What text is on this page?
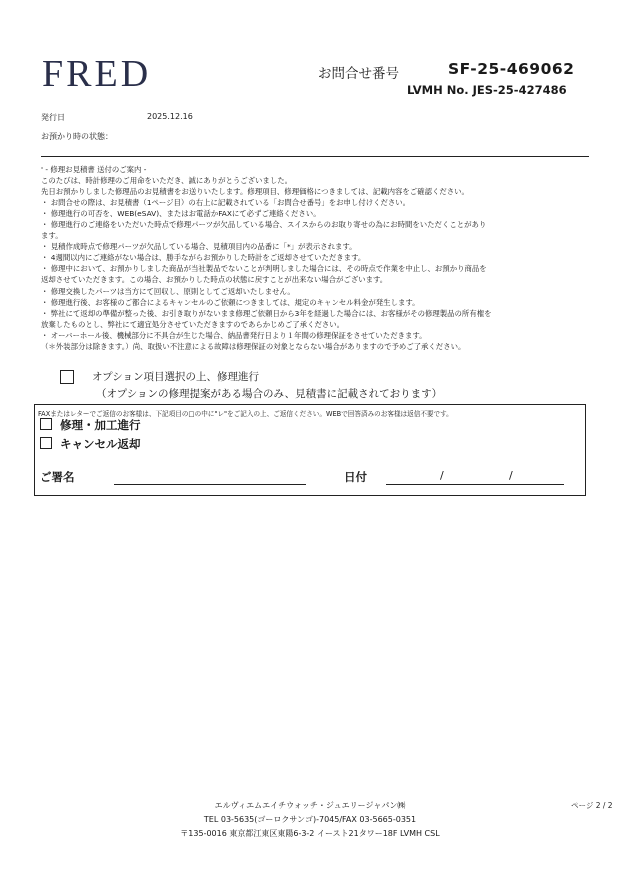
FRED	お問合せ番号	SF-25-469062
LVMH No. JES-25-427486
発行日	2025.12.16
お預かり時の状態：
' - 修理お見積書 送付のご案内 -
このたびは、時計修理のご用命をいただき、誠にありがとうございました。
先日お預かりしました修理品のお見積書をお送りいたします。修理項目、修理価格につきましては、記載内容をご確認ください。
・ お問合せの際は、お見積書（1ページ目）の右上に記載されている「お問合せ番号」をお申し付けください。
・ 修理進行の可否を、WEB(eSAV)、またはお電話かFAXにて必ずご連絡ください。
・ 修理進行のご連絡をいただいた時点で修理パーツが欠品している場合、スイスからのお取り寄せの為にお時間をいただくことがあり
ます。
・ 見積作成時点で修理パーツが欠品している場合、見積項目内の品番に「*」が表示されます。
・ 4週間以内にご連絡がない場合は、勝手ながらお預かりした時計をご返却させていただきます。
・ 修理中において、お預かりしました商品が当社製品でないことが判明しました場合には、その時点で作業を中止し、お預かり商品を
返却させていただきます。この場合、お預かりした時点の状態に戻すことが出来ない場合がございます。
・ 修理交換したパーツは当方にて回収し、原則としてご返却いたしません。
・ 修理進行後、お客様のご都合によるキャンセルのご依頼につきましては、規定のキャンセル料金が発生します。
・ 弊社にて返却の準備が整った後、お引き取りがないまま修理ご依頼日から3年を経過した場合には、お客様がその修理製品の所有権を
放棄したものとし、弊社にて適宜処分させていただきますのであらかじめご了承ください。
・ オーバーホール後、機械部分に不具合が生じた場合、納品書発行日より１年間の修理保証をさせていただきます。
（＊外装部分は除きます。）尚、取扱い不注意による故障は修理保証の対象とならない場合がありますので予めご了承ください。
オプション項目選択の上、修理進行
（オプションの修理提案がある場合のみ、見積書に記載されております）
FAXまたはレターでご返信のお客様は、下記項目の□の中に"レ"をご記入の上、ご返信ください。WEBで回答済みのお客様は返信不要です。
修理・加工進行
キャンセル返却
ご署名	日付	/	/
エルヴィエムエイチウォッチ・ジュエリージャパン㈱
TEL 03-5635(ゴーロクサンゴ)-7045/FAX 03-5665-0351
〒135-0016 東京都江東区東陽6-3-2 イースト21タワー18F LVMH CSL
ページ 2 / 2
